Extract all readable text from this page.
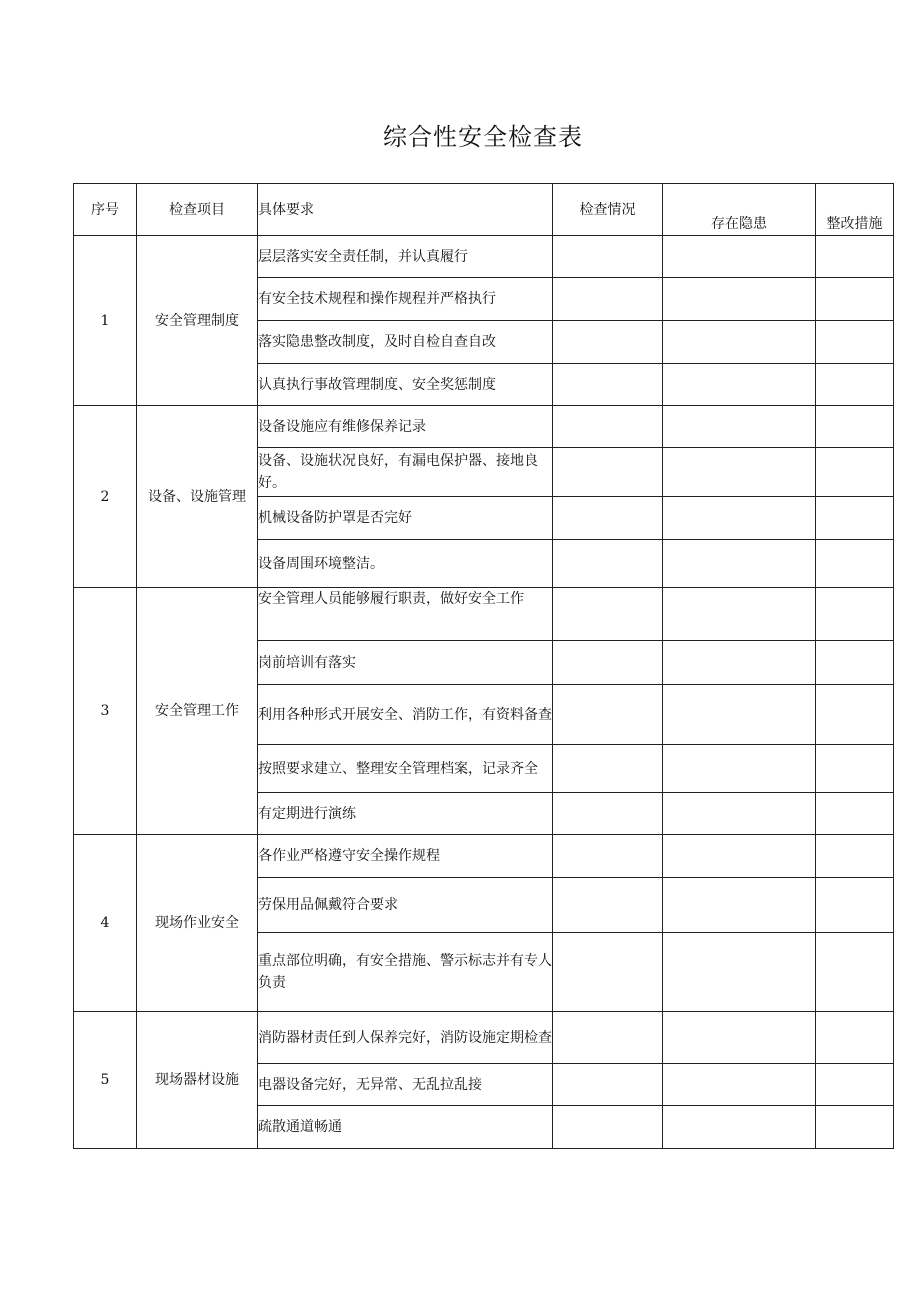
综合性安全检查表
序号	检查项目	具体要求	检查情况	存在隐患	整改措施
1	安全管理制度	层层落实安全责任制，并认真履行			
		有安全技术规程和操作规程并严格执行			
		落实隐患整改制度，及时自检自查自改			
		认真执行事故管理制度、安全奖惩制度			
2	设备、设施管理	设备设施应有维修保养记录			
		设备、设施状况良好，有漏电保护器、接地良好。			
		机械设备防护罩是否完好			
		设备周围环境整洁。			
3	安全管理工作	安全管理人员能够履行职责，做好安全工作			
		岗前培训有落实			
		利用各种形式开展安全、消防工作，有资料备查			
		按照要求建立、整理安全管理档案，记录齐全			
		有定期进行演练			
4	现场作业安全	各作业严格遵守安全操作规程			
		劳保用品佩戴符合要求			
		重点部位明确，有安全措施、警示标志并有专人负责			
5	现场器材设施	消防器材责任到人保养完好，消防设施定期检查			
		电器设备完好，无异常、无乱拉乱接			
		疏散通道畅通			
